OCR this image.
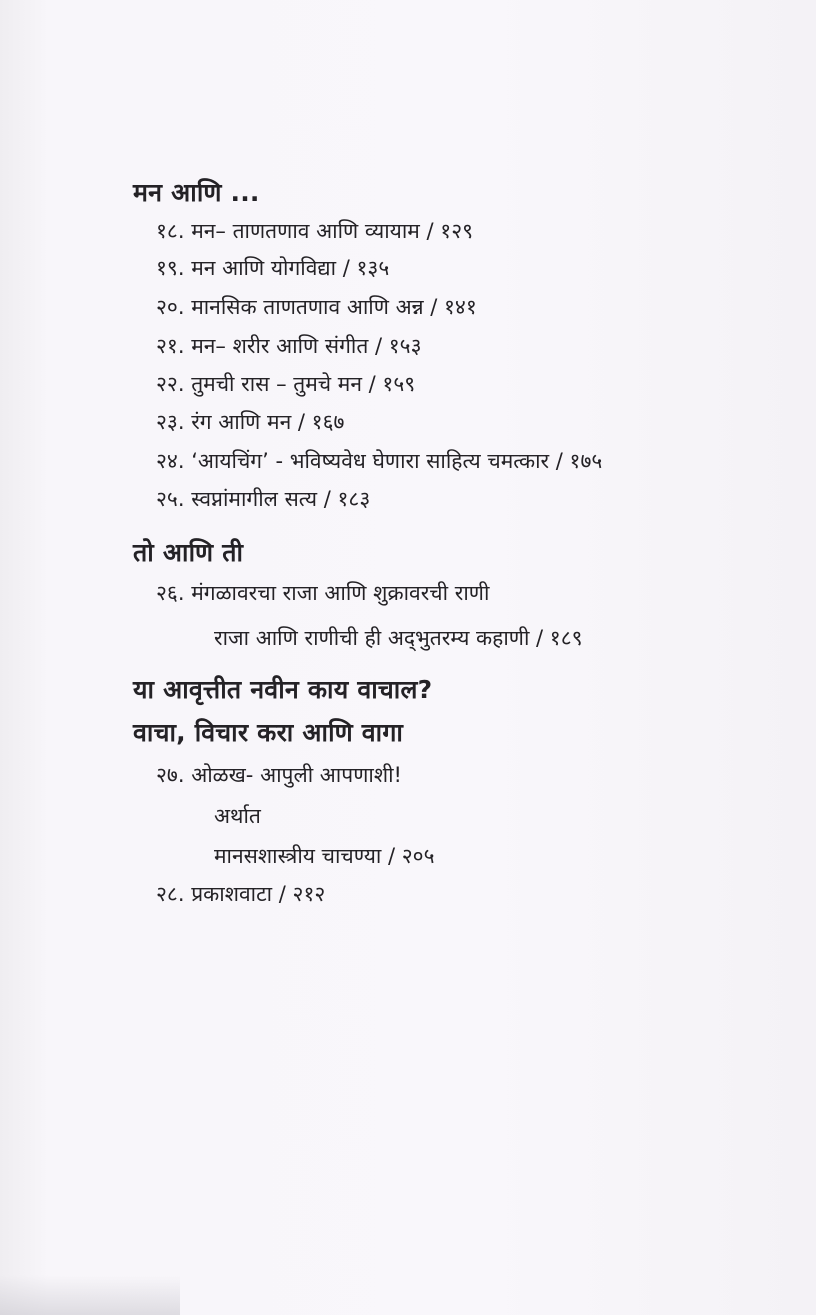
मन आणि ...
१८. मन– ताणतणाव आणि व्यायाम / १२९
१९. मन आणि योगविद्या / १३५
२०. मानसिक ताणतणाव आणि अन्न / १४१
२१. मन– शरीर आणि संगीत / १५३
२२. तुमची रास – तुमचे मन / १५९
२३. रंग आणि मन / १६७
२४. ‘आयचिंग’ - भविष्यवेध घेणारा साहित्य चमत्कार / १७५
२५. स्वप्नांमागील सत्य / १८३
तो आणि ती
२६. मंगळावरचा राजा आणि शुक्रावरची राणी
राजा आणि राणीची ही अद्‌भुतरम्य कहाणी / १८९
या आवृत्तीत नवीन काय वाचाल?
वाचा, विचार करा आणि वागा
२७. ओळख- आपुली आपणाशी!
अर्थात
मानसशास्त्रीय चाचण्या / २०५
२८. प्रकाशवाटा / २१२
